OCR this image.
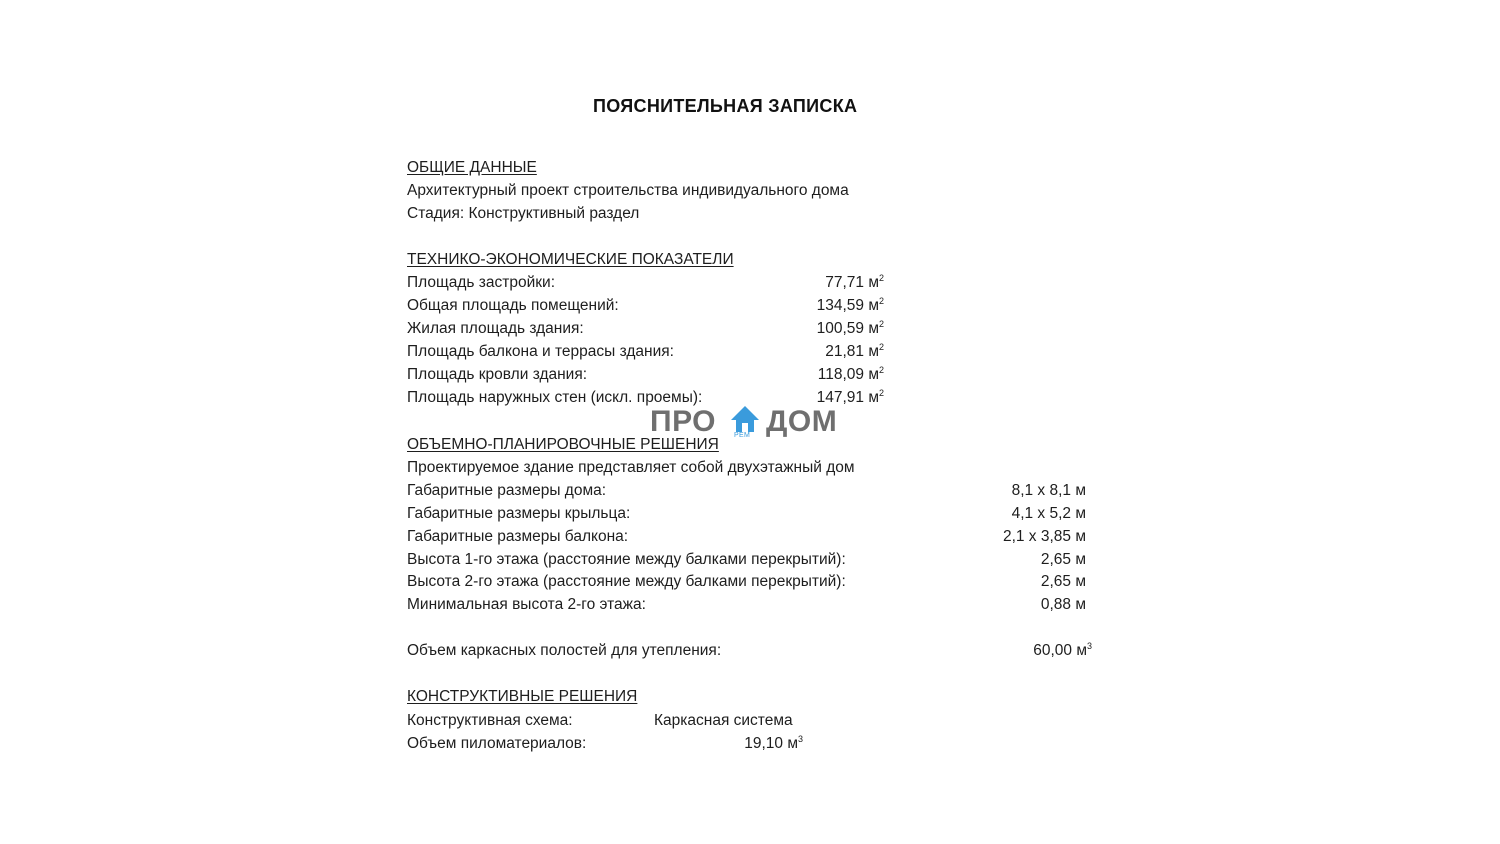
ПОЯСНИТЕЛЬНАЯ ЗАПИСКА
ОБЩИЕ ДАННЫЕ
Архитектурный проект строительства индивидуального дома
Стадия: Конструктивный раздел
ТЕХНИКО-ЭКОНОМИЧЕСКИЕ ПОКАЗАТЕЛИ
Площадь застройки:	77,71 $м^2$
Общая площадь помещений:	134,59 $м^2$
Жилая площадь здания:	100,59 $м^2$
Площадь балкона и террасы здания:	21,81 $м^2$
Площадь кровли здания:	118,09 $м^2$
Площадь наружных стен (искл. проемы):	147,91 $м^2$
ОБЪЕМНО-ПЛАНИРОВОЧНЫЕ РЕШЕНИЯ
ПРО	РЕМ ДОМ
Проектируемое здание представляет собой двухэтажный дом
Габаритные размеры дома:	8,1 х 8,1 м
Габаритные размеры крыльца:	4,1 х 5,2 м
Габаритные размеры балкона:	2,1 х 3,85 м
Высота 1-го этажа (расстояние между балками перекрытий):	2,65 м
Высота 2-го этажа (расстояние между балками перекрытий):	2,65 м
Минимальная высота 2-го этажа:	0,88 м
Объем каркасных полостей для утепления:	60,00 $м^3$
КОНСТРУКТИВНЫЕ РЕШЕНИЯ
Конструктивная схема:	Каркасная система
Объем пиломатериалов:	19,10 $м^3$
